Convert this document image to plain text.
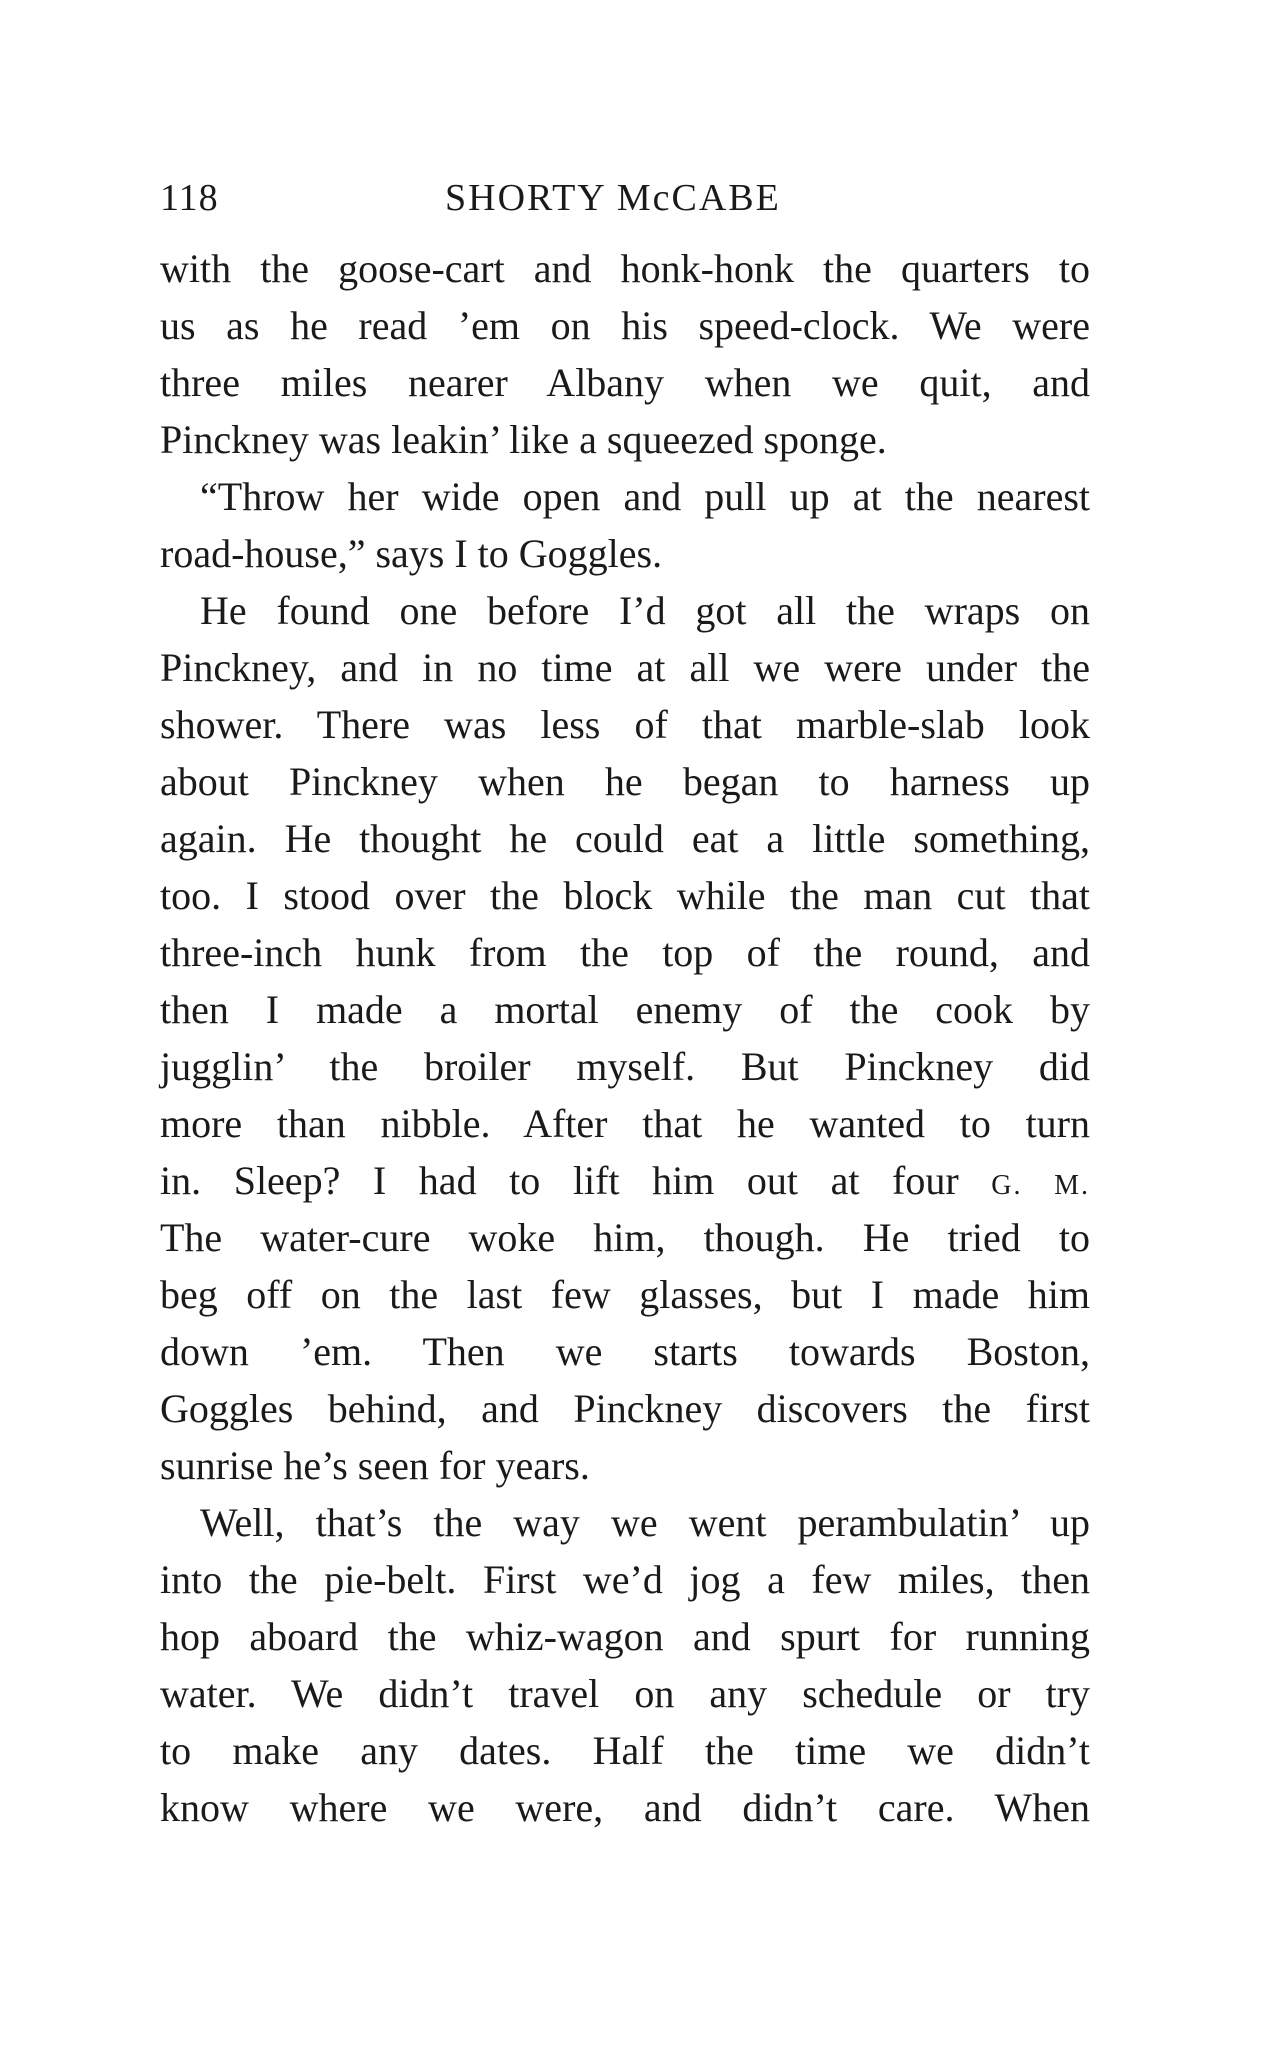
118	SHORTY McCABE
with the goose-cart and honk-honk the quarters to
us as he read ’em on his speed-clock. We were
three miles nearer Albany when we quit, and
Pinckney was leakin’ like a squeezed sponge.
“Throw her wide open and pull up at the nearest
road-house,” says I to Goggles.
He found one before I’d got all the wraps on
Pinckney, and in no time at all we were under the
shower. There was less of that marble-slab look
about Pinckney when he began to harness up
again. He thought he could eat a little something,
too. I stood over the block while the man cut that
three-inch hunk from the top of the round, and
then I made a mortal enemy of the cook by
jugglin’ the broiler myself. But Pinckney did
more than nibble. After that he wanted to turn
in. Sleep? I had to lift him out at four G. M.
The water-cure woke him, though. He tried to
beg off on the last few glasses, but I made him
down ’em. Then we starts towards Boston,
Goggles behind, and Pinckney discovers the first
sunrise he’s seen for years.
Well, that’s the way we went perambulatin’ up
into the pie-belt. First we’d jog a few miles, then
hop aboard the whiz-wagon and spurt for running
water. We didn’t travel on any schedule or try
to make any dates. Half the time we didn’t
know where we were, and didn’t care. When
